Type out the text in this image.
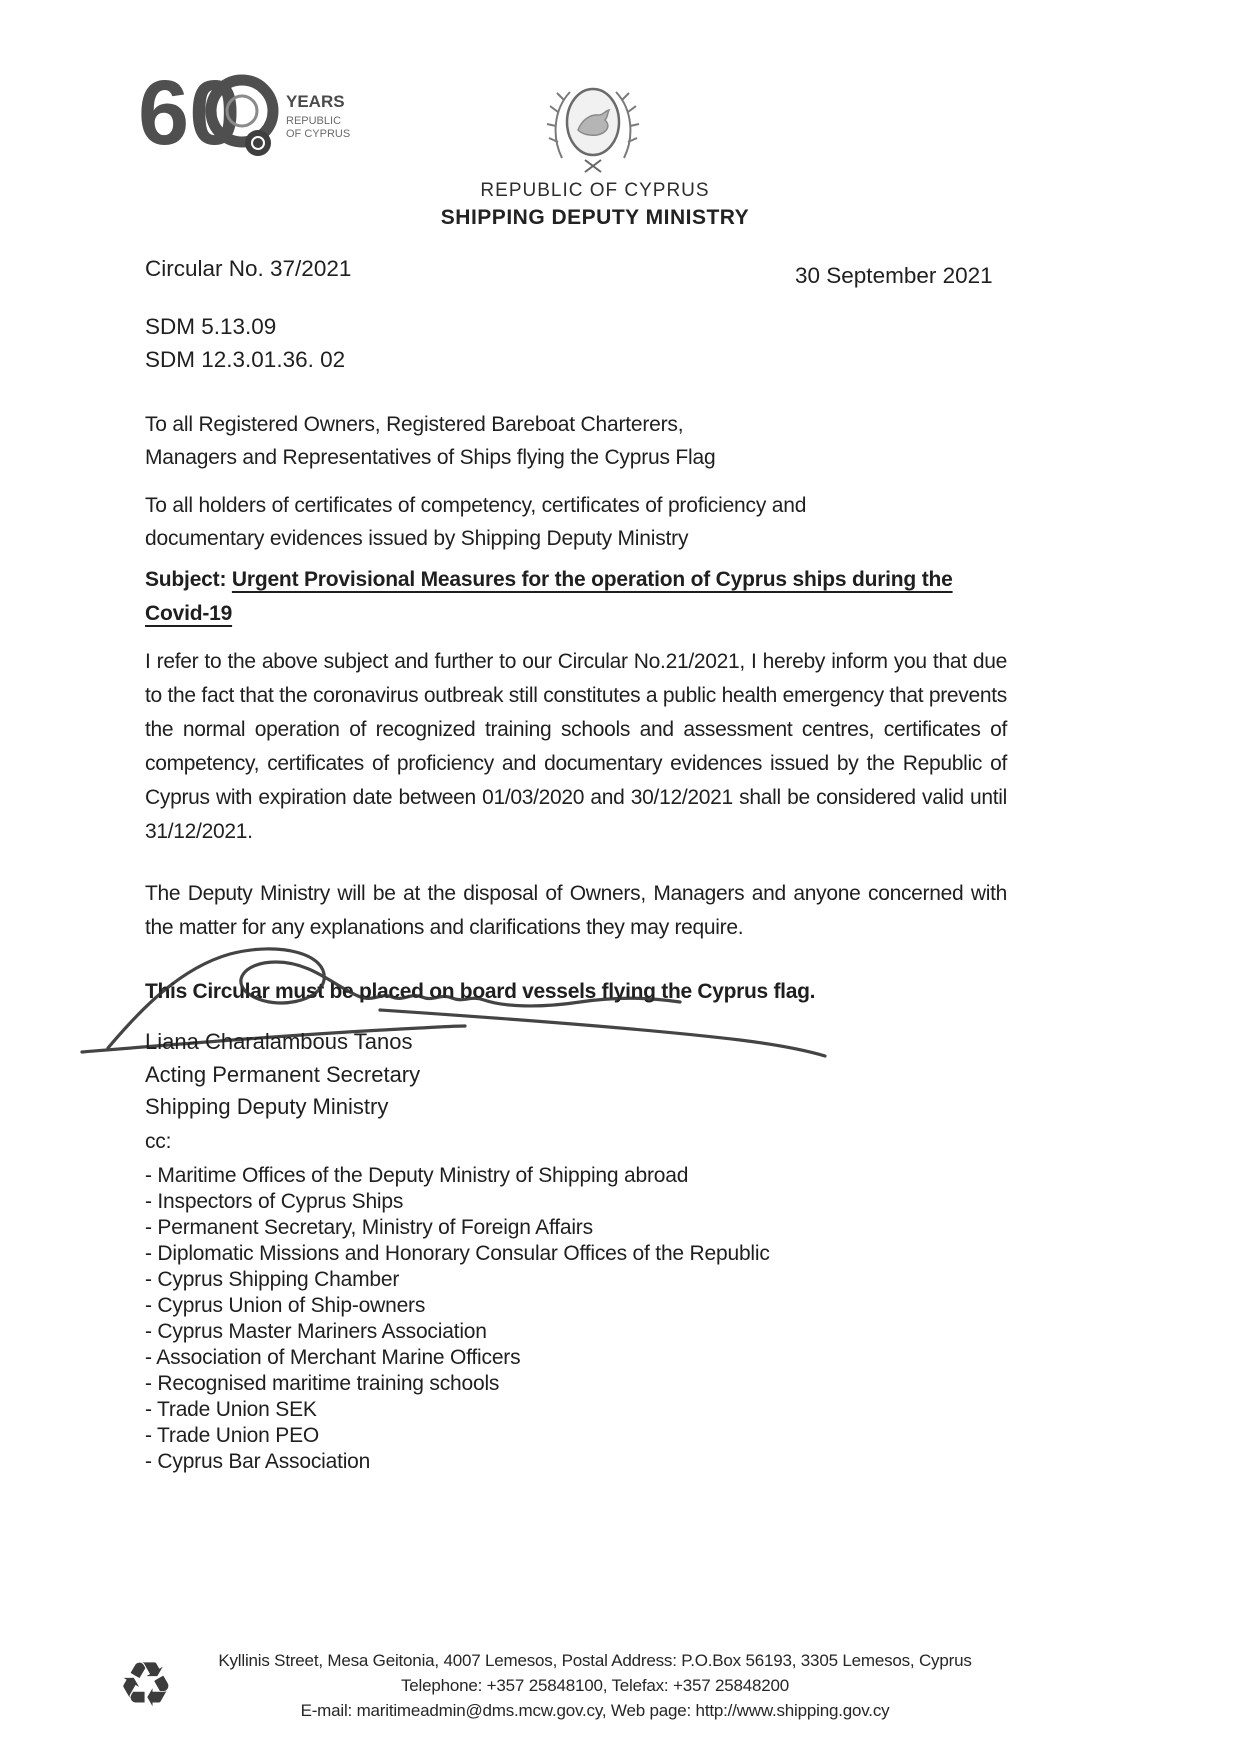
60	YEARS
REPUBLIC
OF CYPRUS
REPUBLIC OF CYPRUS
SHIPPING DEPUTY MINISTRY
Circular No. 37/2021	30 September 2021
SDM 5.13.09
SDM 12.3.01.36. 02
To all Registered Owners, Registered Bareboat Charterers,
Managers and Representatives of Ships flying the Cyprus Flag
To all holders of certificates of competency, certificates of proficiency and
documentary evidences issued by Shipping Deputy Ministry
Subject: Urgent Provisional Measures for the operation of Cyprus ships during the Covid-19

I refer to the above subject and further to our Circular No.21/2021, I hereby inform you that due to the fact that the coronavirus outbreak still constitutes a public health emergency that prevents the normal operation of recognized training schools and assessment centres, certificates of competency, certificates of proficiency and documentary evidences issued by the Republic of Cyprus with expiration date between 01/03/2020 and 30/12/2021 shall be considered valid until 31/12/2021.

The Deputy Ministry will be at the disposal of Owners, Managers and anyone concerned with the matter for any explanations and clarifications they may require.

This Circular must be placed on board vessels flying the Cyprus flag.

Liana Charalambous Tanos
Acting Permanent Secretary
Shipping Deputy Ministry
cc:
- Maritime Offices of the Deputy Ministry of Shipping abroad
- Inspectors of Cyprus Ships
- Permanent Secretary, Ministry of Foreign Affairs
- Diplomatic Missions and Honorary Consular Offices of the Republic
- Cyprus Shipping Chamber
- Cyprus Union of Ship-owners
- Cyprus Master Mariners Association
- Association of Merchant Marine Officers
- Recognised maritime training schools
- Trade Union SEK
- Trade Union PEO
- Cyprus Bar Association
♻	Kyllinis Street, Mesa Geitonia, 4007 Lemesos, Postal Address: P.O.Box 56193, 3305 Lemesos, Cyprus
Telephone: +357 25848100, Telefax: +357 25848200
E-mail: maritimeadmin@dms.mcw.gov.cy, Web page: http://www.shipping.gov.cy
